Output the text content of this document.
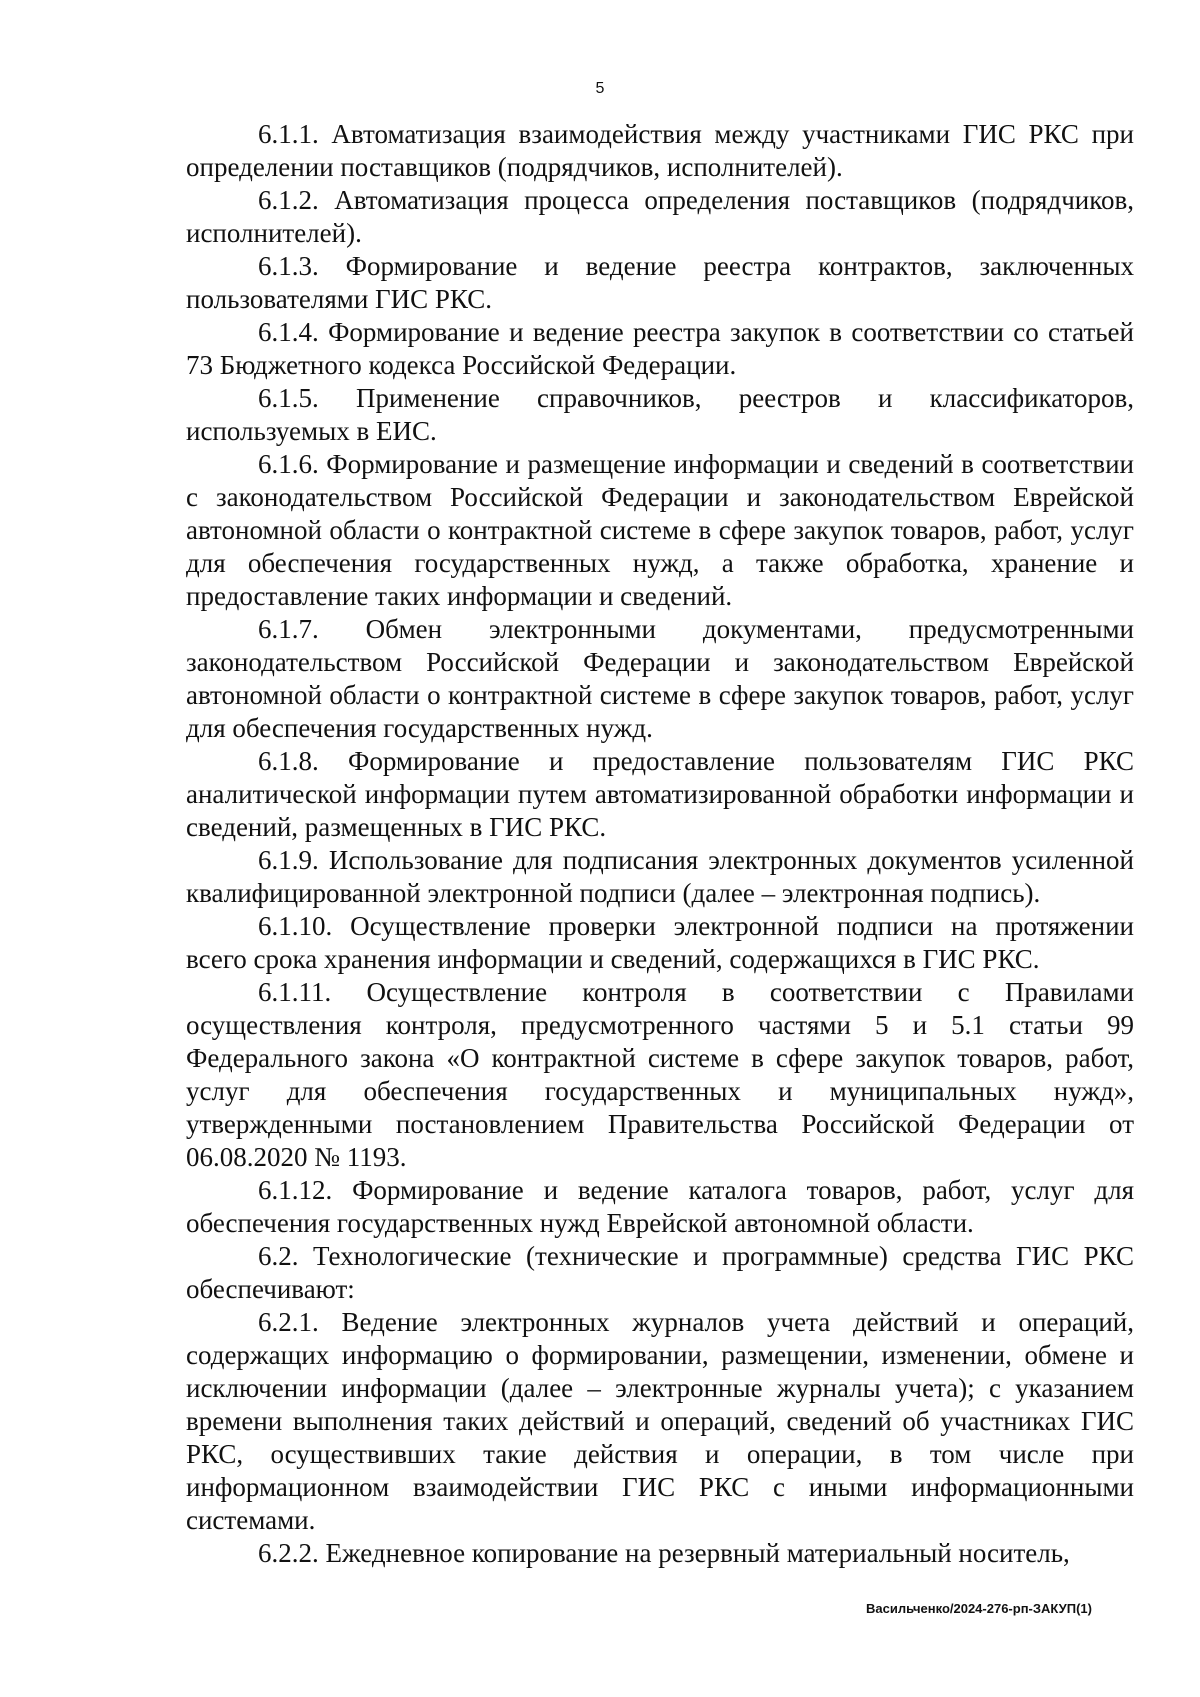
5

6.1.1. Автоматизация взаимодействия между участниками ГИС РКС при определении поставщиков (подрядчиков, исполнителей).

6.1.2. Автоматизация процесса определения поставщиков (подрядчиков, исполнителей).

6.1.3. Формирование и ведение реестра контрактов, заключенных пользователями ГИС РКС.

6.1.4. Формирование и ведение реестра закупок в соответствии со статьей 73 Бюджетного кодекса Российской Федерации.

6.1.5. Применение справочников, реестров и классификаторов, используемых в ЕИС.

6.1.6. Формирование и размещение информации и сведений в соответствии с законодательством Российской Федерации и законодательством Еврейской автономной области о контрактной системе в сфере закупок товаров, работ, услуг для обеспечения государственных нужд, а также обработка, хранение и предоставление таких информации и сведений.

6.1.7. Обмен электронными документами, предусмотренными законодательством Российской Федерации и законодательством Еврейской автономной области о контрактной системе в сфере закупок товаров, работ, услуг для обеспечения государственных нужд.

6.1.8. Формирование и предоставление пользователям ГИС РКС аналитической информации путем автоматизированной обработки информации и сведений, размещенных в ГИС РКС.

6.1.9. Использование для подписания электронных документов усиленной квалифицированной электронной подписи (далее – электронная подпись).

6.1.10. Осуществление проверки электронной подписи на протяжении всего срока хранения информации и сведений, содержащихся в ГИС РКС.

6.1.11. Осуществление контроля в соответствии с Правилами осуществления контроля, предусмотренного частями 5 и 5.1 статьи 99 Федерального закона «О контрактной системе в сфере закупок товаров, работ, услуг для обеспечения государственных и муниципальных нужд», утвержденными постановлением Правительства Российской Федерации от 06.08.2020 № 1193.

6.1.12. Формирование и ведение каталога товаров, работ, услуг для обеспечения государственных нужд Еврейской автономной области.

6.2. Технологические (технические и программные) средства ГИС РКС обеспечивают:

6.2.1. Ведение электронных журналов учета действий и операций, содержащих информацию о формировании, размещении, изменении, обмене и исключении информации (далее – электронные журналы учета); с указанием времени выполнения таких действий и операций, сведений об участниках ГИС РКС, осуществивших такие действия и операции, в том числе при информационном взаимодействии ГИС РКС с иными информационными системами.

6.2.2. Ежедневное копирование на резервный материальный носитель,

Васильченко/2024-276-рп-ЗАКУП(1)
